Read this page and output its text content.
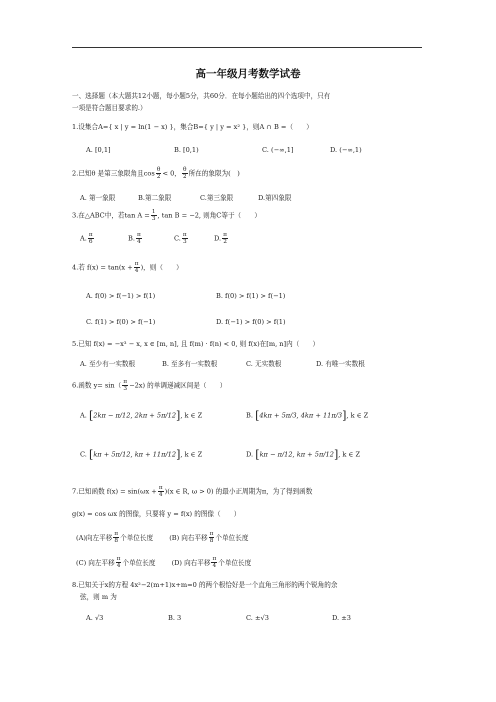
高一年级月考数学试卷
一、选择题（本大题共12小题，每小题5分，共60分．在每小题给出的四个选项中，只有
一项是符合题目要求的.）
1.设集合A={ x | y = ln(1 − x) }，集合B={ y | y = x² }，则A ∩ B =（　　）
A. [0,1]	B. [0,1)	C. (−∞,1]	D. (−∞,1)
2.已知θ 是第三象限角且$\cos \frac{\theta}{2} < 0$， $\frac{\theta}{2}$ 所在的象限为(　)
A. 第一象限	B.第二象限	C.第三象限	D.第四象限
3.在△ABC中，若$\tan A = \frac{1}{3}$ , tan B = −2, 则角C等于（　　）
A. $\frac{\pi}{6}$	B. $\frac{\pi}{4}$	C. $\frac{\pi}{3}$	D. $\frac{\pi}{2}$
4.若 $f(x) = \tan(x + \frac{\pi}{4}$ )，则（　　）
A. f(0) > f(−1) > f(1)	B. f(0) > f(1) > f(−1)
C. f(1) > f(0) > f(−1)	D. f(−1) > f(0) > f(1)
5.已知 f(x) = −x³ − x, x ∈ [m, n], 且 f(m) · f(n) < 0, 则 f(x)在[m, n]内（　　）
A. 至少有一实数根	B. 至多有一实数根	C. 无实数根	D. 有唯一实数根
6.函数 $y= \sin( \frac{\pi}{3} -2x)$ 的单调递减区间是（　　）
A. [2kπ − π/12, 2kπ + 5π/12], k ∈ Z	B. [4kπ + 5π/3, 4kπ + 11π/3], k ∈ Z
C. [kπ + 5π/12, kπ + 11π/12], k ∈ Z	D. [kπ − π/12, kπ + 5π/12], k ∈ Z
7.已知函数 $f(x) = \sin(\omega x + \frac{\pi}{4} )(x$ ∈ R, ω > 0) 的最小正周期为π，为了得到函数
g(x) = cos ωx 的图像，只要将 y = f(x) 的图像（　　）
(A)向左平移 $\frac{\pi}{8}$ 个单位长度 (B) 向右平移 $\frac{\pi}{8}$ 个单位长度
(C) 向左平移 $\frac{\pi}{4}$ 个单位长度 (D) 向右平移 $\frac{\pi}{4}$ 个单位长度
8.已知关于x的方程 4x²−2(m+1)x+m=0 的两个根恰好是一个直角三角形的两个锐角的余
弦，则 m 为
A. √3	B. 3	C. ±√3	D. ±3
